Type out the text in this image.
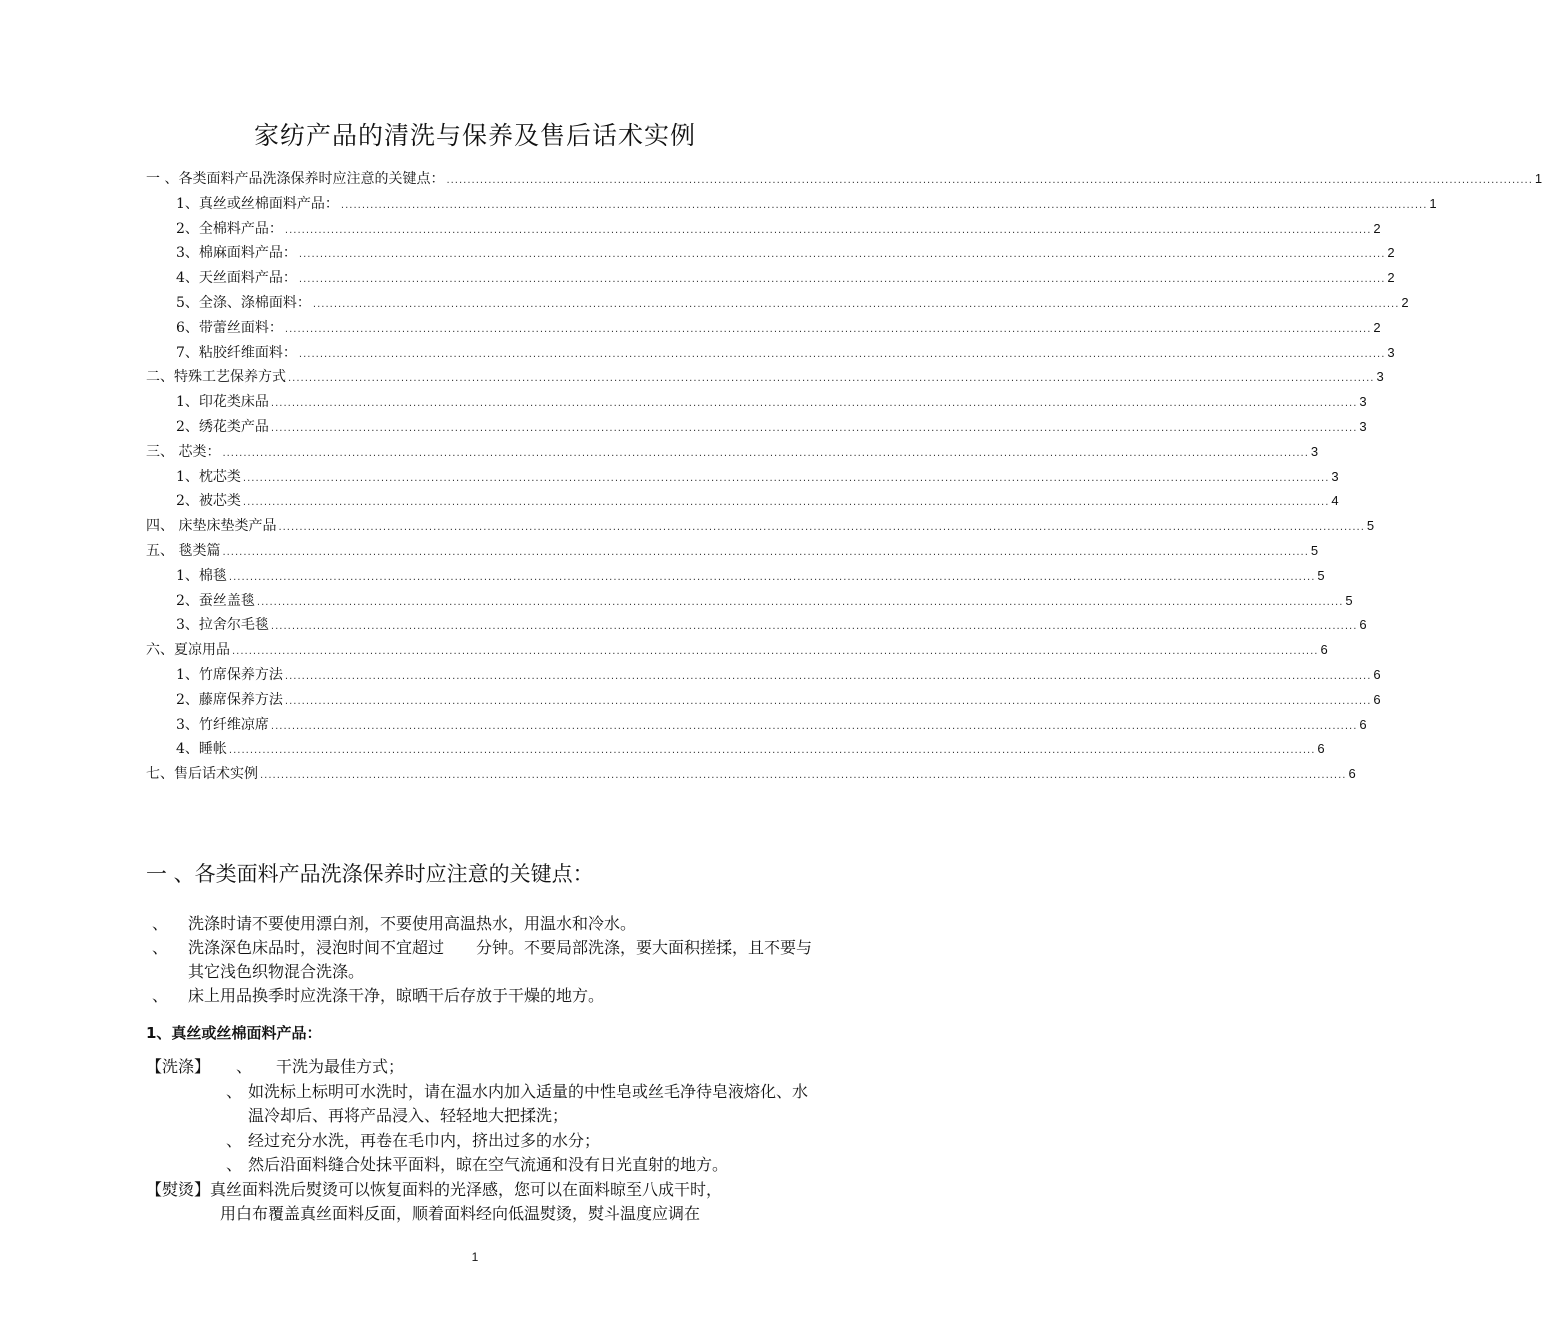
家纺产品的清洗与保养及售后话术实例
一 、各类面料产品洗涤保养时应注意的关键点： .................................................................................................................................................................................................................................................................... 1
1、真丝或丝棉面料产品： .................................................................................................................................................................................................................................................................... 1
2、全棉料产品： .................................................................................................................................................................................................................................................................... 2
3、棉麻面料产品： .................................................................................................................................................................................................................................................................... 2
4、天丝面料产品： .................................................................................................................................................................................................................................................................... 2
5、全涤、涤棉面料： .................................................................................................................................................................................................................................................................... 2
6、带蕾丝面料： .................................................................................................................................................................................................................................................................... 2
7、粘胶纤维面料： .................................................................................................................................................................................................................................................................... 3
二、特殊工艺保养方式 .................................................................................................................................................................................................................................................................... 3
1、印花类床品 .................................................................................................................................................................................................................................................................... 3
2、绣花类产品 .................................................................................................................................................................................................................................................................... 3
三、 芯类： .................................................................................................................................................................................................................................................................... 3
1、枕芯类 .................................................................................................................................................................................................................................................................... 3
2、被芯类 .................................................................................................................................................................................................................................................................... 4
四、 床垫床垫类产品 .................................................................................................................................................................................................................................................................... 5
五、 毯类篇 .................................................................................................................................................................................................................................................................... 5
1、棉毯 .................................................................................................................................................................................................................................................................... 5
2、蚕丝盖毯 .................................................................................................................................................................................................................................................................... 5
3、拉舍尔毛毯 .................................................................................................................................................................................................................................................................... 6
六、夏凉用品 .................................................................................................................................................................................................................................................................... 6
1、竹席保养方法 .................................................................................................................................................................................................................................................................... 6
2、藤席保养方法 .................................................................................................................................................................................................................................................................... 6
3、竹纤维凉席 .................................................................................................................................................................................................................................................................... 6
4、睡帐 .................................................................................................................................................................................................................................................................... 6
七、售后话术实例 .................................................................................................................................................................................................................................................................... 6
一 、各类面料产品洗涤保养时应注意的关键点：
、	洗涤时请不要使用漂白剂，不要使用高温热水，用温水和冷水。
、	洗涤深色床品时，浸泡时间不宜超过　　分钟。不要局部洗涤，要大面积搓揉，且不要与其它浅色织物混合洗涤。
、	床上用品换季时应洗涤干净，晾晒干后存放于干燥的地方。
1、真丝或丝棉面料产品：
【洗涤】	、	干洗为最佳方式；
、 如洗标上标明可水洗时，请在温水内加入适量的中性皂或丝毛净待皂液熔化、水温冷却后、再将产品浸入、轻轻地大把揉洗；
、 经过充分水洗，再卷在毛巾内，挤出过多的水分；
、 然后沿面料缝合处抹平面料，晾在空气流通和没有日光直射的地方。
【熨烫】真丝面料洗后熨烫可以恢复面料的光泽感，您可以在面料晾至八成干时，
用白布覆盖真丝面料反面，顺着面料经向低温熨烫，熨斗温度应调在
1
